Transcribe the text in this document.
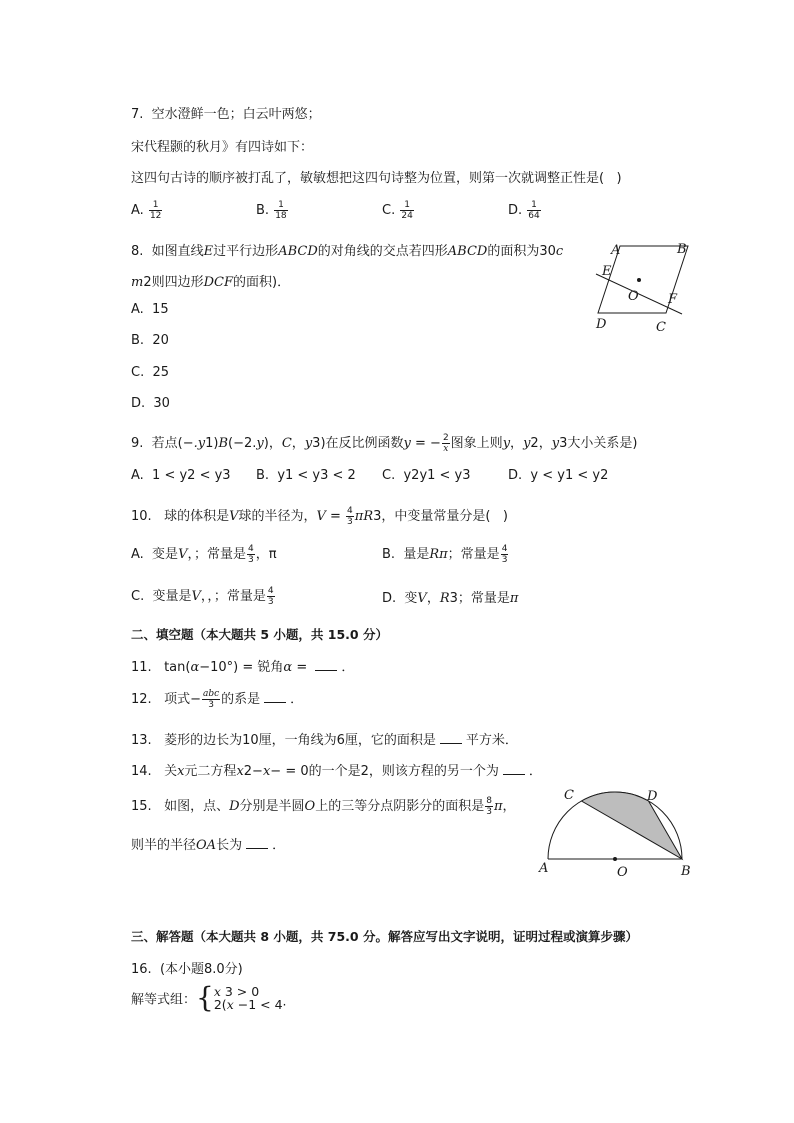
7.  空水澄鲜一色；白云叶两悠；
宋代程颢的秋月》有四诗如下：
这四句古诗的顺序被打乱了，敏敏想把这四句诗整为位置，则第一次就调整正性是(   )
A. $\frac{1}{12}$	B. $\frac{1}{18}$	C. $\frac{1}{24}$	D. $\frac{1}{64}$
8.  如图直线E过平行边形ABCD的对角线的交点若四形ABCD的面积为30c
m2则四边形DCF的面积)．
A.  15
B.  20
C.  25
D.  30
A	B
C
D
E
F
O
9.  若点(−.y1)B(−2.y)，C，y3)在反比例函数y = − $\frac{2}{x}$ 图象上则y，y2，y3大小关系是)
A.  1 < y2 < y3 B.  y1 < y3 < 2 C.  y2y1 < y3	D.  y < y1 < y2
10.   球的体积是V球的半径为，$V = \frac{4}{3} \pi R3$，中变量常量分是(   )
A.  变是V，；常量是 $\frac{4}{3}$ ，π	B.  量是Rπ；常量是 $\frac{4}{3}$
C.  变量是V，，；常量是 $\frac{4}{3}$	D.  变V，R3；常量是π
二、填空题（本大题共 5 小题，共 15.0 分）
11.   tan(α−10°) = 锐角α = ．
12.   项式− $\frac{\text{abc}}{3}$ 的系是 ．
13.   菱形的边长为10厘，一角线为6厘，它的面积是 平方米．
14.   关x元二方程x2−x− = 0的一个是2，则该方程的另一个为 ．
15.   如图，点、D分别是半圆O上的三等分点阴影分的面积是 $\frac{8}{3}$ π，
则半的半径OA长为 ．
C	D
A	O	B
三、解答题（本大题共 8 小题，共 75.0 分。解答应写出文字说明，证明过程或演算步骤）
16.  (本小题8.0分)
解等式组：{ x 3 > 0
2(x −1 < 4·
